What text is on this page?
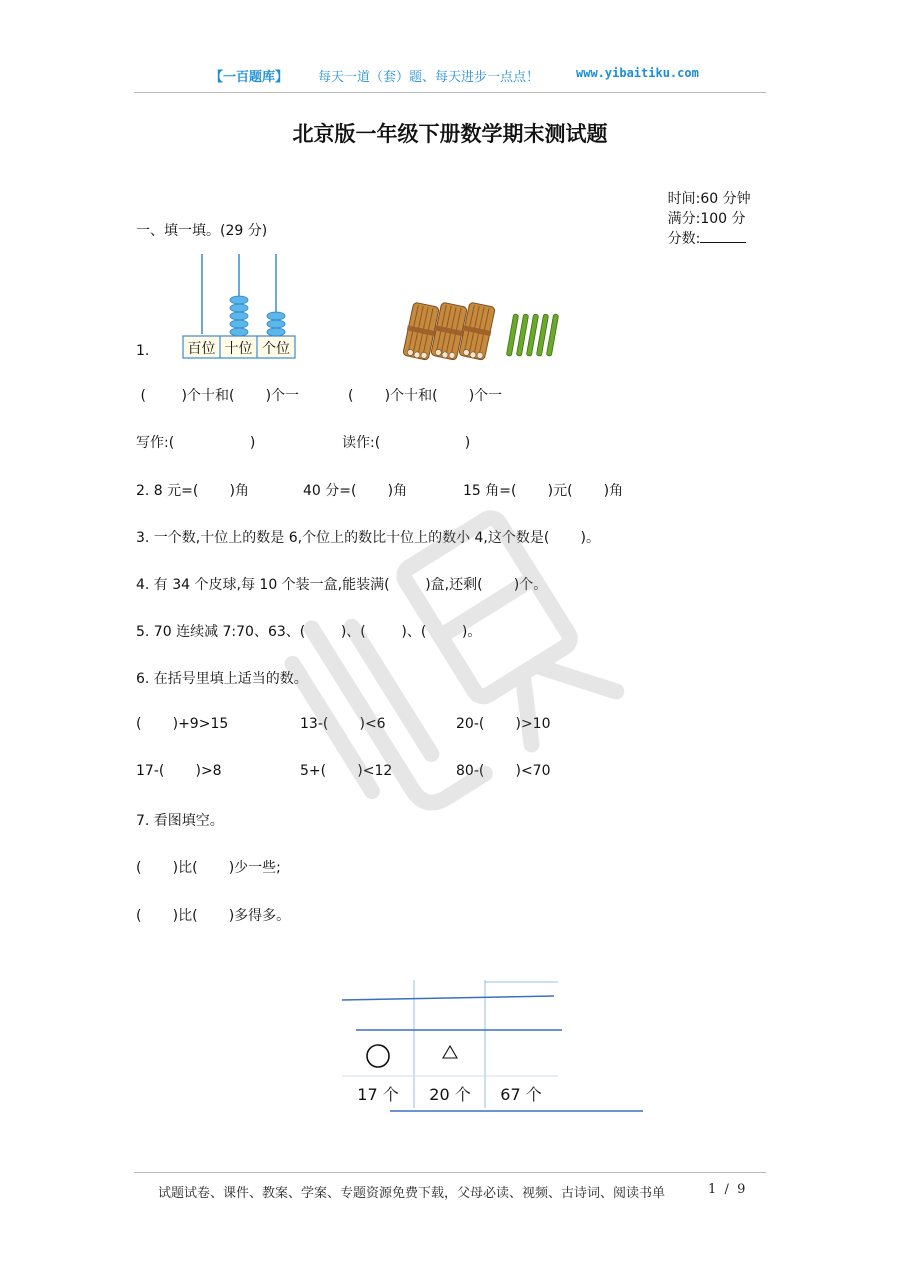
【一百题库】 每天一道（套）题、每天进步一点点！	www.yibaitiku.com
北京版一年级下册数学期末测试题

时间:60 分钟
满分:100 分
分数:

一、填一填。(29 分)
1.	百位 十位 个位
(        )个十和(       )个一	(       )个十和(       )个一
写作:(                 )	读作:(                   )
2. 8 元=(       )角	40 分=(       )角	15 角=(       )元(       )角
3. 一个数,十位上的数是 6,个位上的数比十位上的数小 4,这个数是(       )。
4. 有 34 个皮球,每 10 个装一盒,能装满(        )盒,还剩(       )个。
5. 70 连续减 7:70、63、(        )、(        )、(        )。
6. 在括号里填上适当的数。
(       )+9>15	13-(       )<6	20-(       )>10
17-(       )>8	5+(       )<12	80-(       )<70
7. 看图填空。
(       )比(       )少一些;
(       )比(       )多得多。
17 个 20 个 67 个
试题试卷、课件、教案、学案、专题资源免费下载，父母必读、视频、古诗词、阅读书单	1  /  9
